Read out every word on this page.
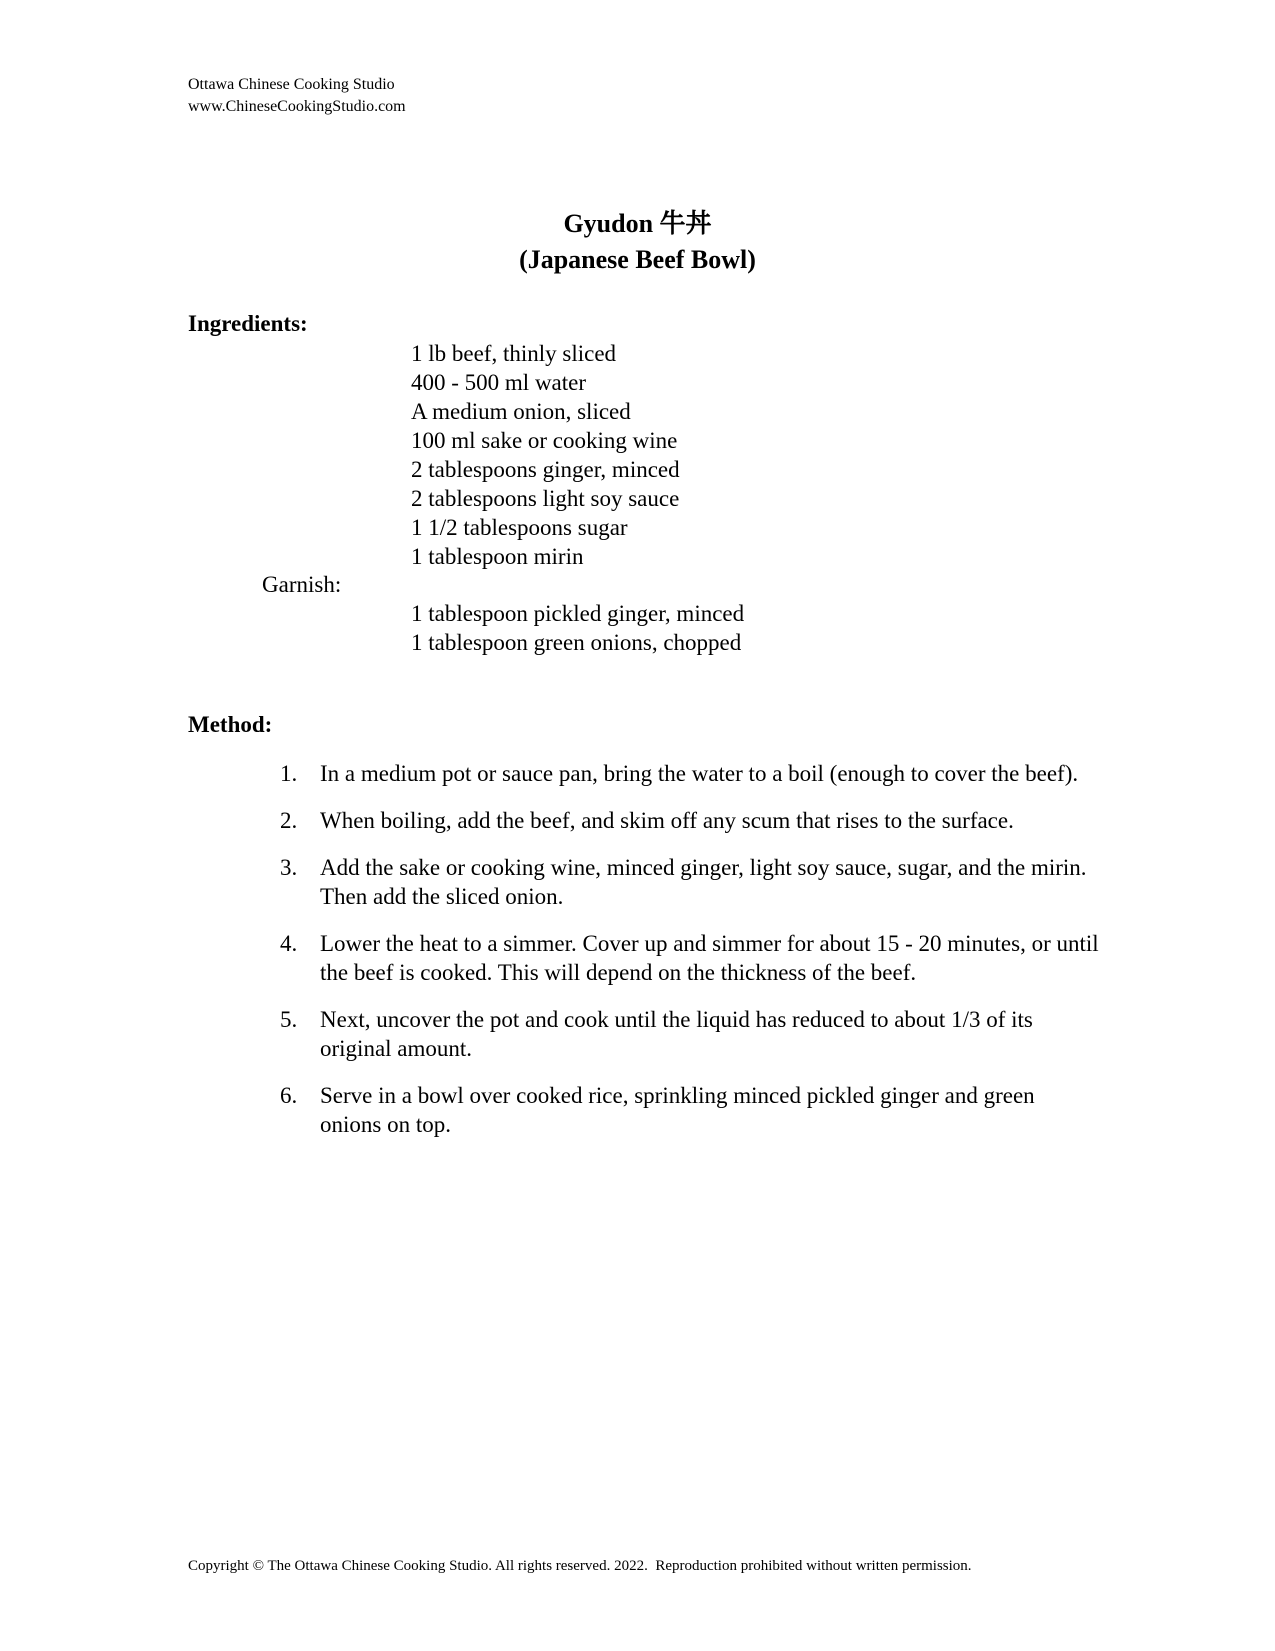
Ottawa Chinese Cooking Studio
www.ChineseCookingStudio.com
Gyudon 牛丼
(Japanese Beef Bowl)
Ingredients:
1 lb beef, thinly sliced
400 - 500 ml water
A medium onion, sliced
100 ml sake or cooking wine
2 tablespoons ginger, minced
2 tablespoons light soy sauce
1 1/2 tablespoons sugar
1 tablespoon mirin
Garnish:
1 tablespoon pickled ginger, minced
1 tablespoon green onions, chopped
Method:
1. In a medium pot or sauce pan, bring the water to a boil (enough to cover the beef).
2. When boiling, add the beef, and skim off any scum that rises to the surface.
3. Add the sake or cooking wine, minced ginger, light soy sauce, sugar, and the mirin. Then add the sliced onion.
4. Lower the heat to a simmer. Cover up and simmer for about 15 - 20 minutes, or until the beef is cooked. This will depend on the thickness of the beef.
5. Next, uncover the pot and cook until the liquid has reduced to about 1/3 of its original amount.
6. Serve in a bowl over cooked rice, sprinkling minced pickled ginger and green onions on top.
Copyright © The Ottawa Chinese Cooking Studio. All rights reserved. 2022.  Reproduction prohibited without written permission.
